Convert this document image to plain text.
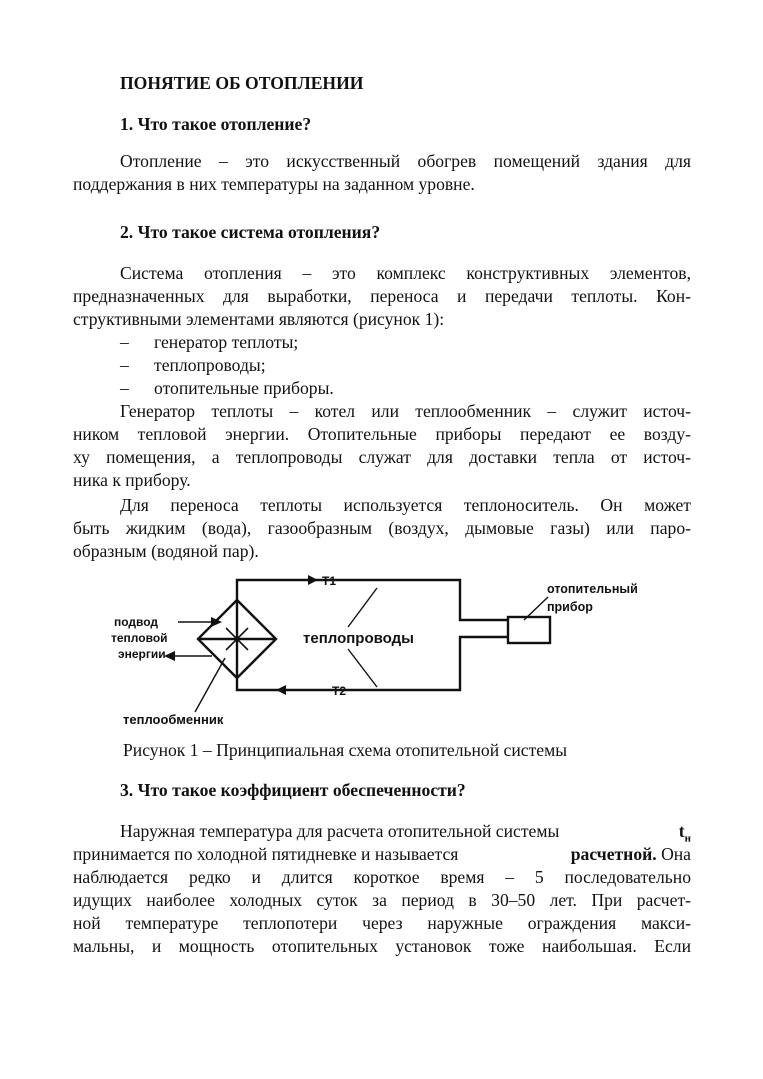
ПОНЯТИЕ ОБ ОТОПЛЕНИИ
1. Что такое отопление?
Отопление – это искусственный обогрев помещений здания для
поддержания в них температуры на заданном уровне.
2. Что такое система отопления?
Система отопления – это комплекс конструктивных элементов,
предназначенных для выработки, переноса и передачи теплоты. Кон-
структивными элементами являются (рисунок 1):
– генератор теплоты;
– теплопроводы;
– отопительные приборы.
Генератор теплоты – котел или теплообменник – служит источ-
ником тепловой энергии. Отопительные приборы передают ее возду-
ху помещения, а теплопроводы служат для доставки тепла от источ-
ника к прибору.
Для переноса теплоты используется теплоноситель. Он может
быть жидким (вода), газообразным (воздух, дымовые газы) или паро-
образным (водяной пар).
Т1
Т2
теплопроводы
отопительный
прибор
подвод
тепловой
энергии
теплообменник
Рисунок 1 – Принципиальная схема отопительной системы
3. Что такое коэффициент обеспеченности?
Наружная температура для расчета отопительной системы	$t_н$
принимается по холодной пятидневке и называется	расчетной. Она
наблюдается редко и длится короткое время – 5 последовательно
идущих наиболее холодных суток за период в 30–50 лет. При расчет-
ной температуре теплопотери через наружные ограждения макси-
мальны, и мощность отопительных установок тоже наибольшая. Если
